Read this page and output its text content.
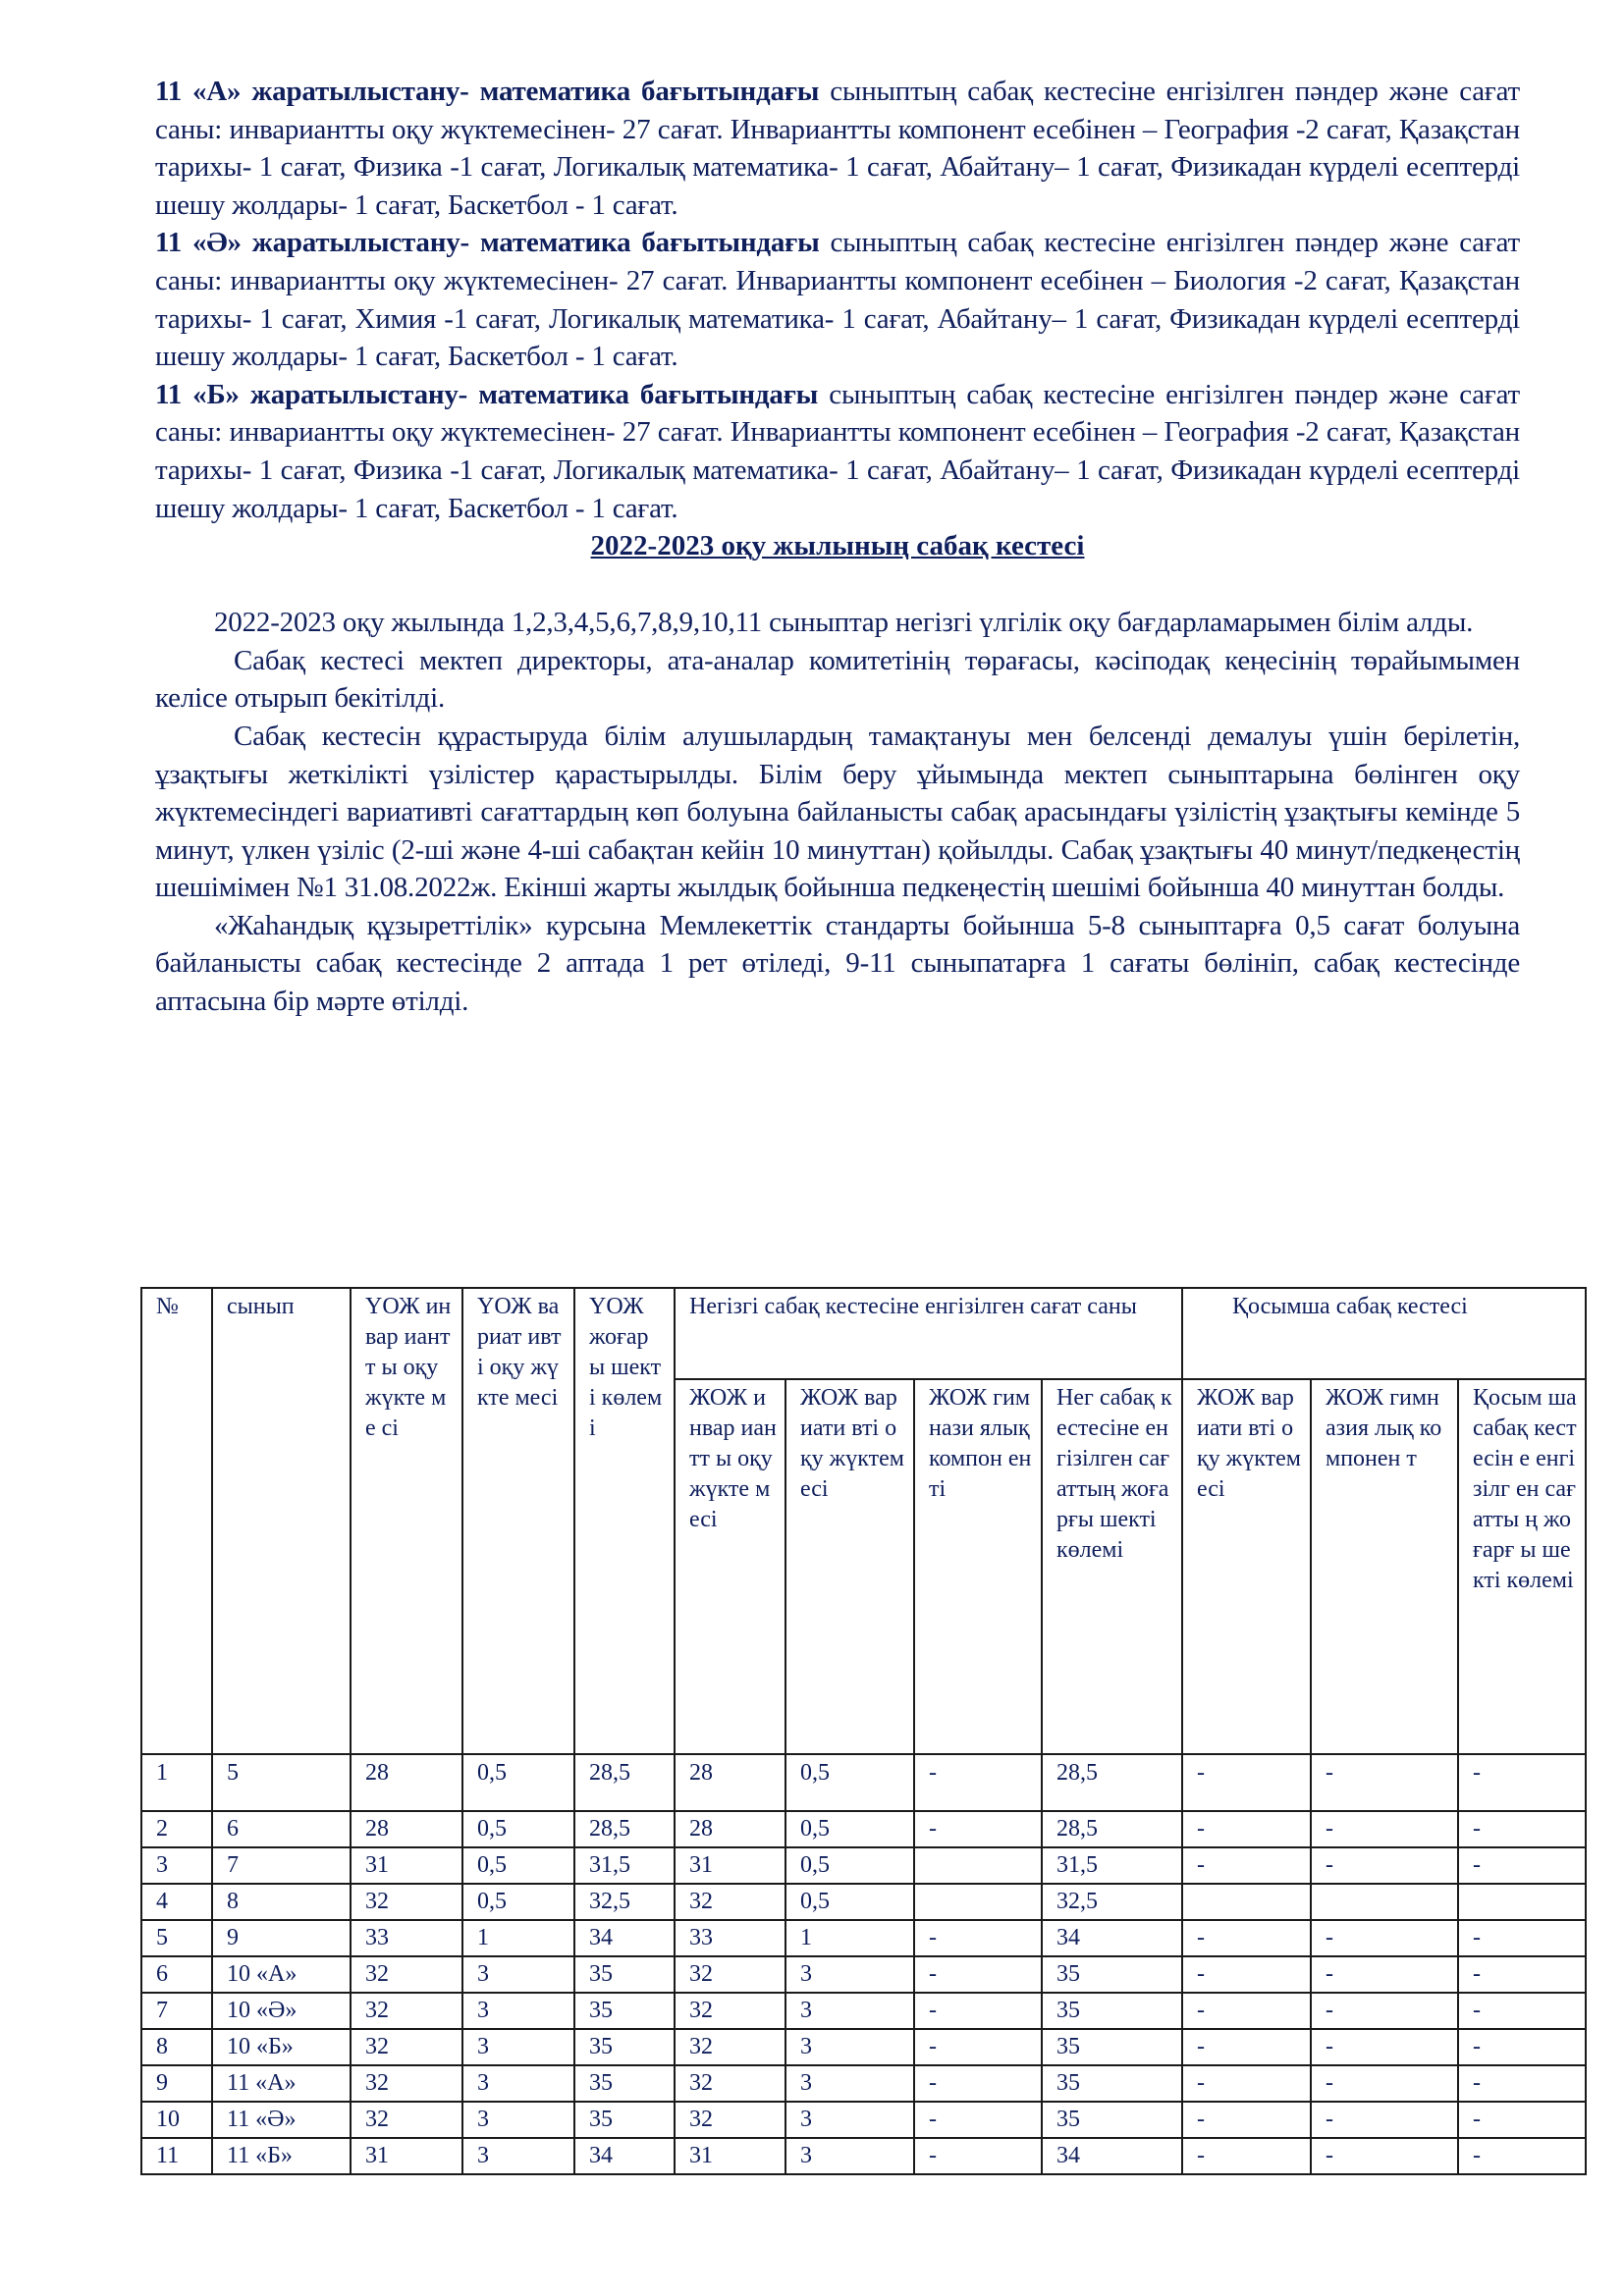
11 «А» жаратылыстану- математика бағытындағы сыныптың сабақ кестесіне енгізілген пәндер және сағат саны: инвариантты оқу жүктемесінен- 27 сағат. Инвариантты компонент есебінен – География -2 сағат, Қазақстан тарихы- 1 сағат, Физика -1 сағат, Логикалық математика- 1 сағат, Абайтану– 1 сағат, Физикадан күрделі есептерді шешу жолдары- 1 сағат, Баскетбол - 1 сағат.

11 «Ә» жаратылыстану- математика бағытындағы сыныптың сабақ кестесіне енгізілген пәндер және сағат саны: инвариантты оқу жүктемесінен- 27 сағат. Инвариантты компонент есебінен – Биология -2 сағат, Қазақстан тарихы- 1 сағат, Химия -1 сағат, Логикалық математика- 1 сағат, Абайтану– 1 сағат, Физикадан күрделі есептерді шешу жолдары- 1 сағат, Баскетбол - 1 сағат.

11 «Б» жаратылыстану- математика бағытындағы сыныптың сабақ кестесіне енгізілген пәндер және сағат саны: инвариантты оқу жүктемесінен- 27 сағат. Инвариантты компонент есебінен – География -2 сағат, Қазақстан тарихы- 1 сағат, Физика -1 сағат, Логикалық математика- 1 сағат, Абайтану– 1 сағат, Физикадан күрделі есептерді шешу жолдары- 1 сағат, Баскетбол - 1 сағат.

2022-2023 оқу жылының сабақ кестесі

2022-2023 оқу жылында 1,2,3,4,5,6,7,8,9,10,11 сыныптар негізгі үлгілік оқу бағдарламарымен білім алды.

Сабақ кестесі мектеп директоры, ата-аналар комитетінің төрағасы, кәсіподақ кеңесінің төрайымымен келісе отырып бекітілді.

Сабақ кестесін құрастыруда білім алушылардың тамақтануы мен белсенді демалуы үшін берілетін, ұзақтығы жеткілікті үзілістер қарастырылды. Білім беру ұйымында мектеп сыныптарына бөлінген оқу жүктемесіндегі вариативті сағаттардың көп болуына байланысты сабақ арасындағы үзілістің ұзақтығы кемінде 5 минут, үлкен үзіліс (2-ші және 4-ші сабақтан кейін 10 минуттан) қойылды. Сабақ ұзақтығы 40 минут/педкеңестің шешімімен №1 31.08.2022ж. Екінші жарты жылдық бойынша педкеңестің шешімі бойынша 40 минуттан болды.

«Жаһандық құзыреттілік» курсына Мемлекеттік стандарты бойынша 5-8 сыныптарға 0,5 сағат болуына байланысты сабақ кестесінде 2 аптада 1 рет өтіледі, 9-11 сыныпатарға 1 сағаты бөлініп, сабақ кестесінде аптасына бір мәрте өтілді.

№	сынып	ҮОЖ инвар иантт ы оқу жүкте ме сі	ҮОЖ вариат ивті оқу жүкте месі	ҮОЖ жоғар ы шекті көлемі	Негізгі сабақ кестесіне енгізілген сағат саны				Қосымша сабақ кестесі		
					ЖОЖ инвар иантт ы оқу жүкте месі	ЖОЖ вариати вті оқу жүктем есі	ЖОЖ гимнази ялық компон енті	Нег сабақ кестесіне енгізілген сағаттың жоғарғы шекті көлемі	ЖОЖ вариати вті оқу жүктем есі	ЖОЖ гимназия лық компонен т	Қосым ша сабақ кестесін е енгізілг ен сағатты ң жоғарғ ы шекті көлемі
1	5	28	0,5	28,5	28	0,5	-	28,5	-	-	-
2	6	28	0,5	28,5	28	0,5	-	28,5	-	-	-
3	7	31	0,5	31,5	31	0,5		31,5	-	-	-
4	8	32	0,5	32,5	32	0,5		32,5			
5	9	33	1	34	33	1	-	34	-	-	-
6	10 «А»	32	3	35	32	3	-	35	-	-	-
7	10 «Ә»	32	3	35	32	3	-	35	-	-	-
8	10 «Б»	32	3	35	32	3	-	35	-	-	-
9	11 «А»	32	3	35	32	3	-	35	-	-	-
10	11 «Ә»	32	3	35	32	3	-	35	-	-	-
11	11 «Б»	31	3	34	31	3	-	34	-	-	-
